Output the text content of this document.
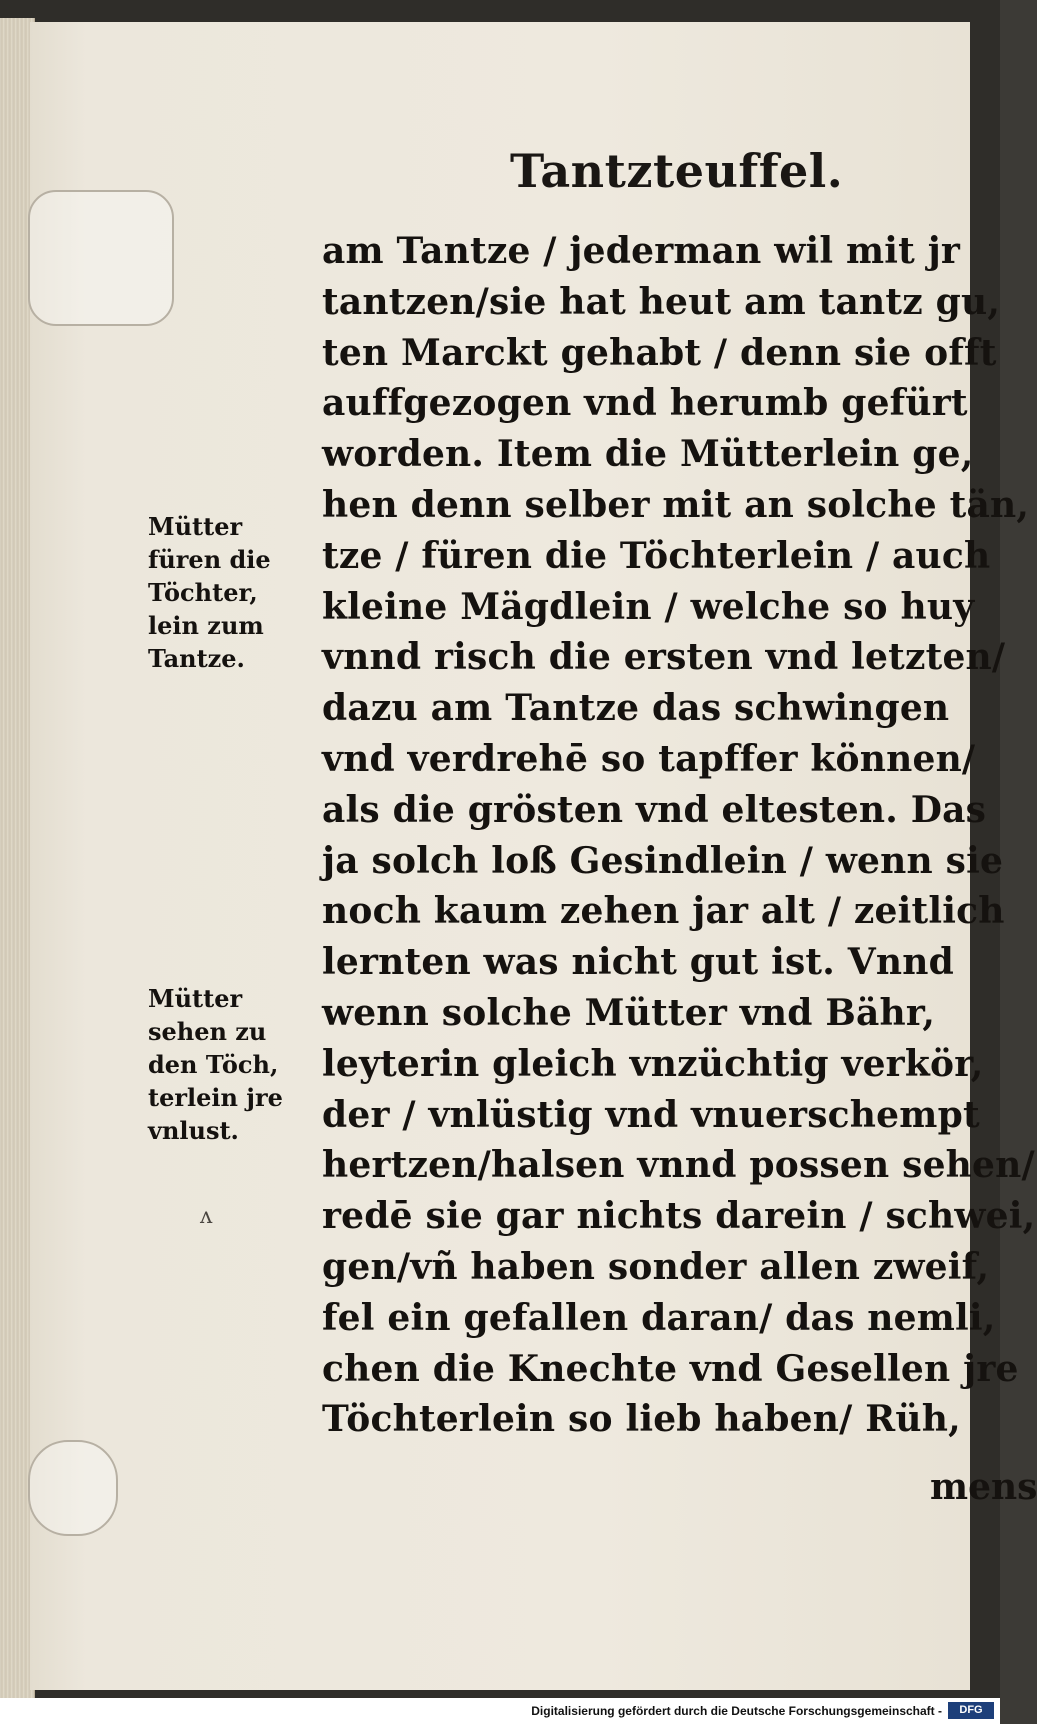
Tantzteuffel.
am Tantze / jederman wil mit jr
tantzen/sie hat heut am tantz gu,
ten Marckt gehabt / denn sie offt
auffgezogen vnd herumb gefürt
worden. Item die Mütterlein ge,
hen denn selber mit an solche tän,
tze / füren die Töchterlein / auch
kleine Mägdlein / welche so huy
vnnd risch die ersten vnd letzten/
dazu am Tantze das schwingen
vnd verdrehē so tapffer können/
als die grösten vnd eltesten. Das
ja solch loß Gesindlein / wenn sie
noch kaum zehen jar alt / zeitlich
lernten was nicht gut ist. Vnnd
wenn solche Mütter vnd Bähr,
leyterin gleich vnzüchtig verkör,
der / vnlüstig vnd vnuerschempt
hertzen/halsen vnnd possen sehen/
redē sie gar nichts darein / schwei,
gen/vñ haben sonder allen zweif,
fel ein gefallen daran/ das nemli,
chen die Knechte vnd Gesellen jre
Töchterlein so lieb haben/ Rüh,
mens
Mütter
füren die
Töchter,
lein zum
Tantze.
Mütter
sehen zu
den Töch,
terlein jre
vnlust.
ʌ
Digitalisierung gefördert durch die Deutsche Forschungsgemeinschaft -	DFG
